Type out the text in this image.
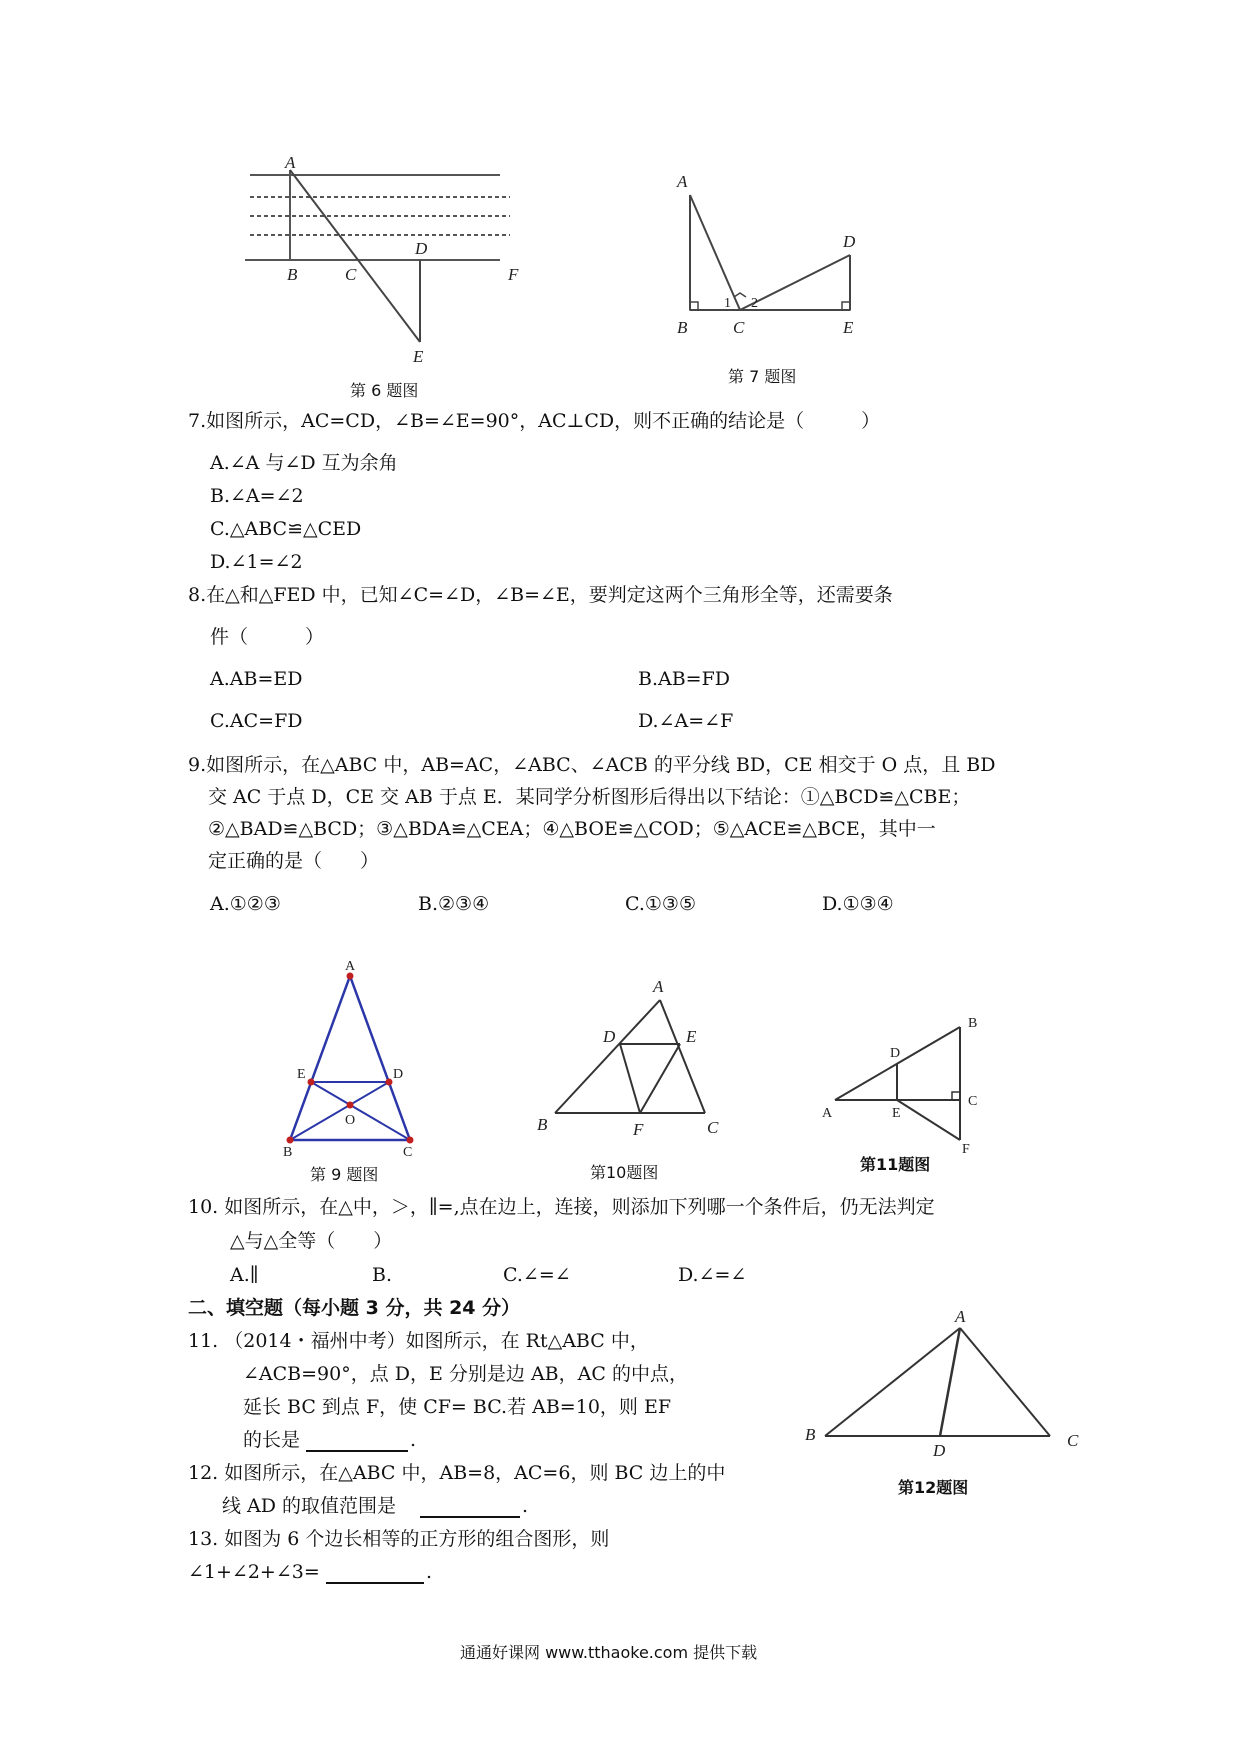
A
B	C
D
E
F
第 6 题图
A
B	C	E
D
1 2
第 7 题图
7.如图所示，AC=CD，∠B=∠E=90°，AC⊥CD，则不正确的结论是（　　　）
A.∠A 与∠D 互为余角
B.∠A=∠2
C.△ABC≌△CED
D.∠1=∠2
8.在△和△FED 中，已知∠C=∠D，∠B=∠E，要判定这两个三角形全等，还需要条
件（　　　）
A.AB=ED	B.AB=FD
C.AC=FD	D.∠A=∠F
9.如图所示，在△ABC 中，AB=AC，∠ABC、∠ACB 的平分线 BD，CE 相交于 O 点，且 BD
交 AC 于点 D，CE 交 AB 于点 E．某同学分析图形后得出以下结论：①△BCD≌△CBE；
②△BAD≌△BCD；③△BDA≌△CEA；④△BOE≌△COD；⑤△ACE≌△BCE，其中一
定正确的是（　　）
A.①②③	B.②③④	C.①③⑤	D.①③④
A
E	D
O
B	C
第 9 题图
A
D	E
B	F	C
第10题图
B
D
C
A	E
F
第11题图
10. 如图所示，在△中，＞，∥=,点在边上，连接，则添加下列哪一个条件后，仍无法判定
△与△全等（　　）
A.∥	B.	C.∠=∠	D.∠=∠
二、填空题（每小题 3 分，共 24 分）
11. （2014・福州中考）如图所示，在 Rt△ABC 中，
∠ACB=90°，点 D，E 分别是边 AB，AC 的中点，
延长 BC 到点 F，使 CF= BC.若 AB=10，则 EF
的长是	.
12. 如图所示，在△ABC 中，AB=8，AC=6，则 BC 边上的中
线 AD 的取值范围是	.
A
B
D
C
第12题图
13. 如图为 6 个边长相等的正方形的组合图形，则
∠1+∠2+∠3=	.
通通好课网 www.tthaoke.com 提供下载
